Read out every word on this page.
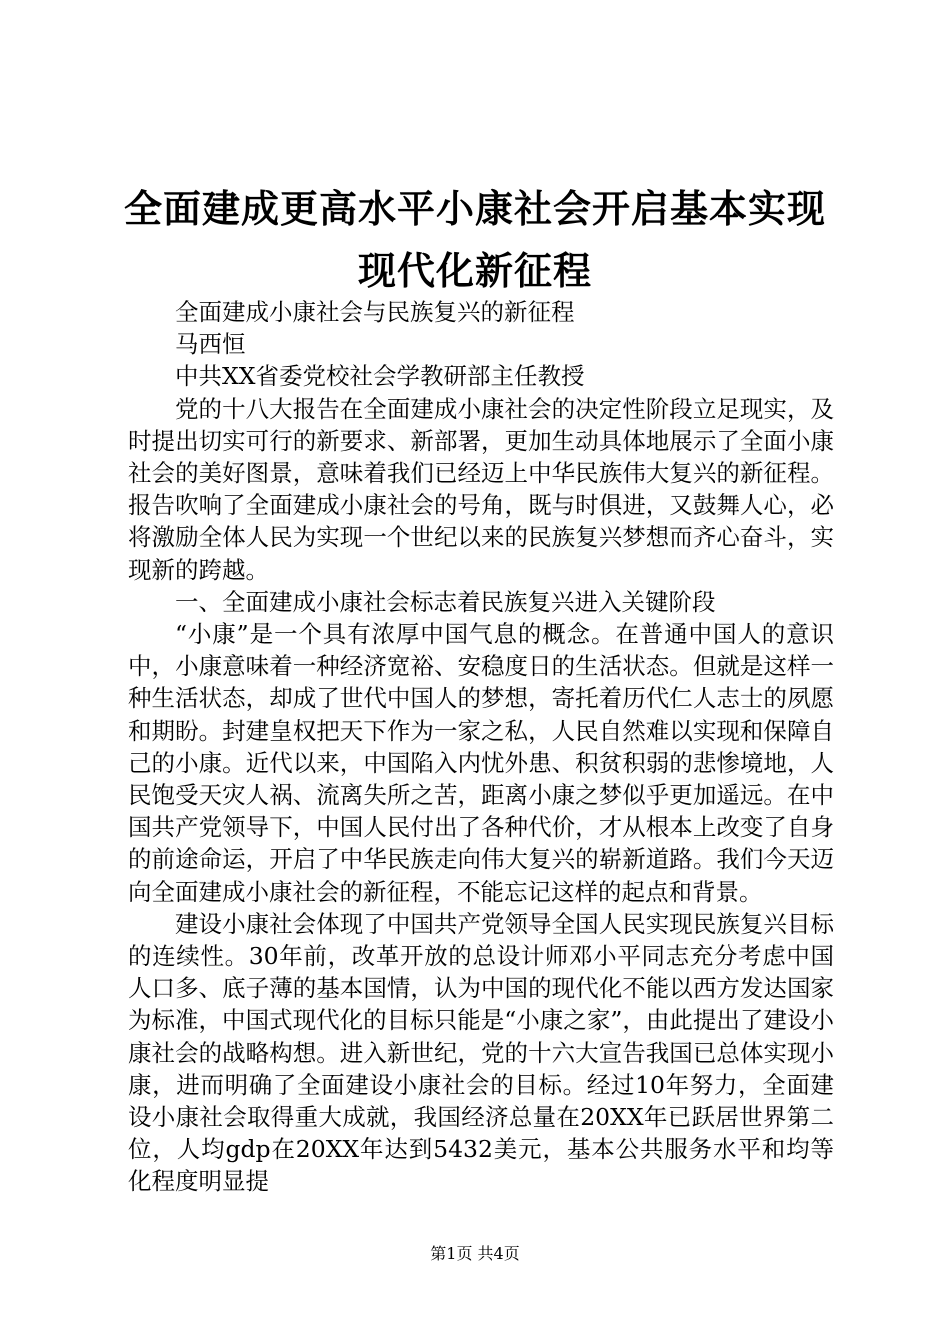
全面建成更高水平小康社会开启基本实现现代化新征程

全面建成小康社会与民族复兴的新征程

马西恒

中共XX省委党校社会学教研部主任教授

党的十八大报告在全面建成小康社会的决定性阶段立足现实，及时提出切实可行的新要求、新部署，更加生动具体地展示了全面小康社会的美好图景，意味着我们已经迈上中华民族伟大复兴的新征程。报告吹响了全面建成小康社会的号角，既与时俱进，又鼓舞人心，必将激励全体人民为实现一个世纪以来的民族复兴梦想而齐心奋斗，实现新的跨越。

一、全面建成小康社会标志着民族复兴进入关键阶段

“小康”是一个具有浓厚中国气息的概念。在普通中国人的意识中，小康意味着一种经济宽裕、安稳度日的生活状态。但就是这样一种生活状态，却成了世代中国人的梦想，寄托着历代仁人志士的夙愿和期盼。封建皇权把天下作为一家之私，人民自然难以实现和保障自己的小康。近代以来，中国陷入内忧外患、积贫积弱的悲惨境地，人民饱受天灾人祸、流离失所之苦，距离小康之梦似乎更加遥远。在中国共产党领导下，中国人民付出了各种代价，才从根本上改变了自身的前途命运，开启了中华民族走向伟大复兴的崭新道路。我们今天迈向全面建成小康社会的新征程，不能忘记这样的起点和背景。

建设小康社会体现了中国共产党领导全国人民实现民族复兴目标的连续性。30年前，改革开放的总设计师邓小平同志充分考虑中国人口多、底子薄的基本国情，认为中国的现代化不能以西方发达国家为标准，中国式现代化的目标只能是“小康之家”，由此提出了建设小康社会的战略构想。进入新世纪，党的十六大宣告我国已总体实现小康，进而明确了全面建设小康社会的目标。经过10年努力，全面建设小康社会取得重大成就，我国经济总量在20XX年已跃居世界第二位，人均gdp在20XX年达到5432美元，基本公共服务水平和均等化程度明显提

第1页 共4页
